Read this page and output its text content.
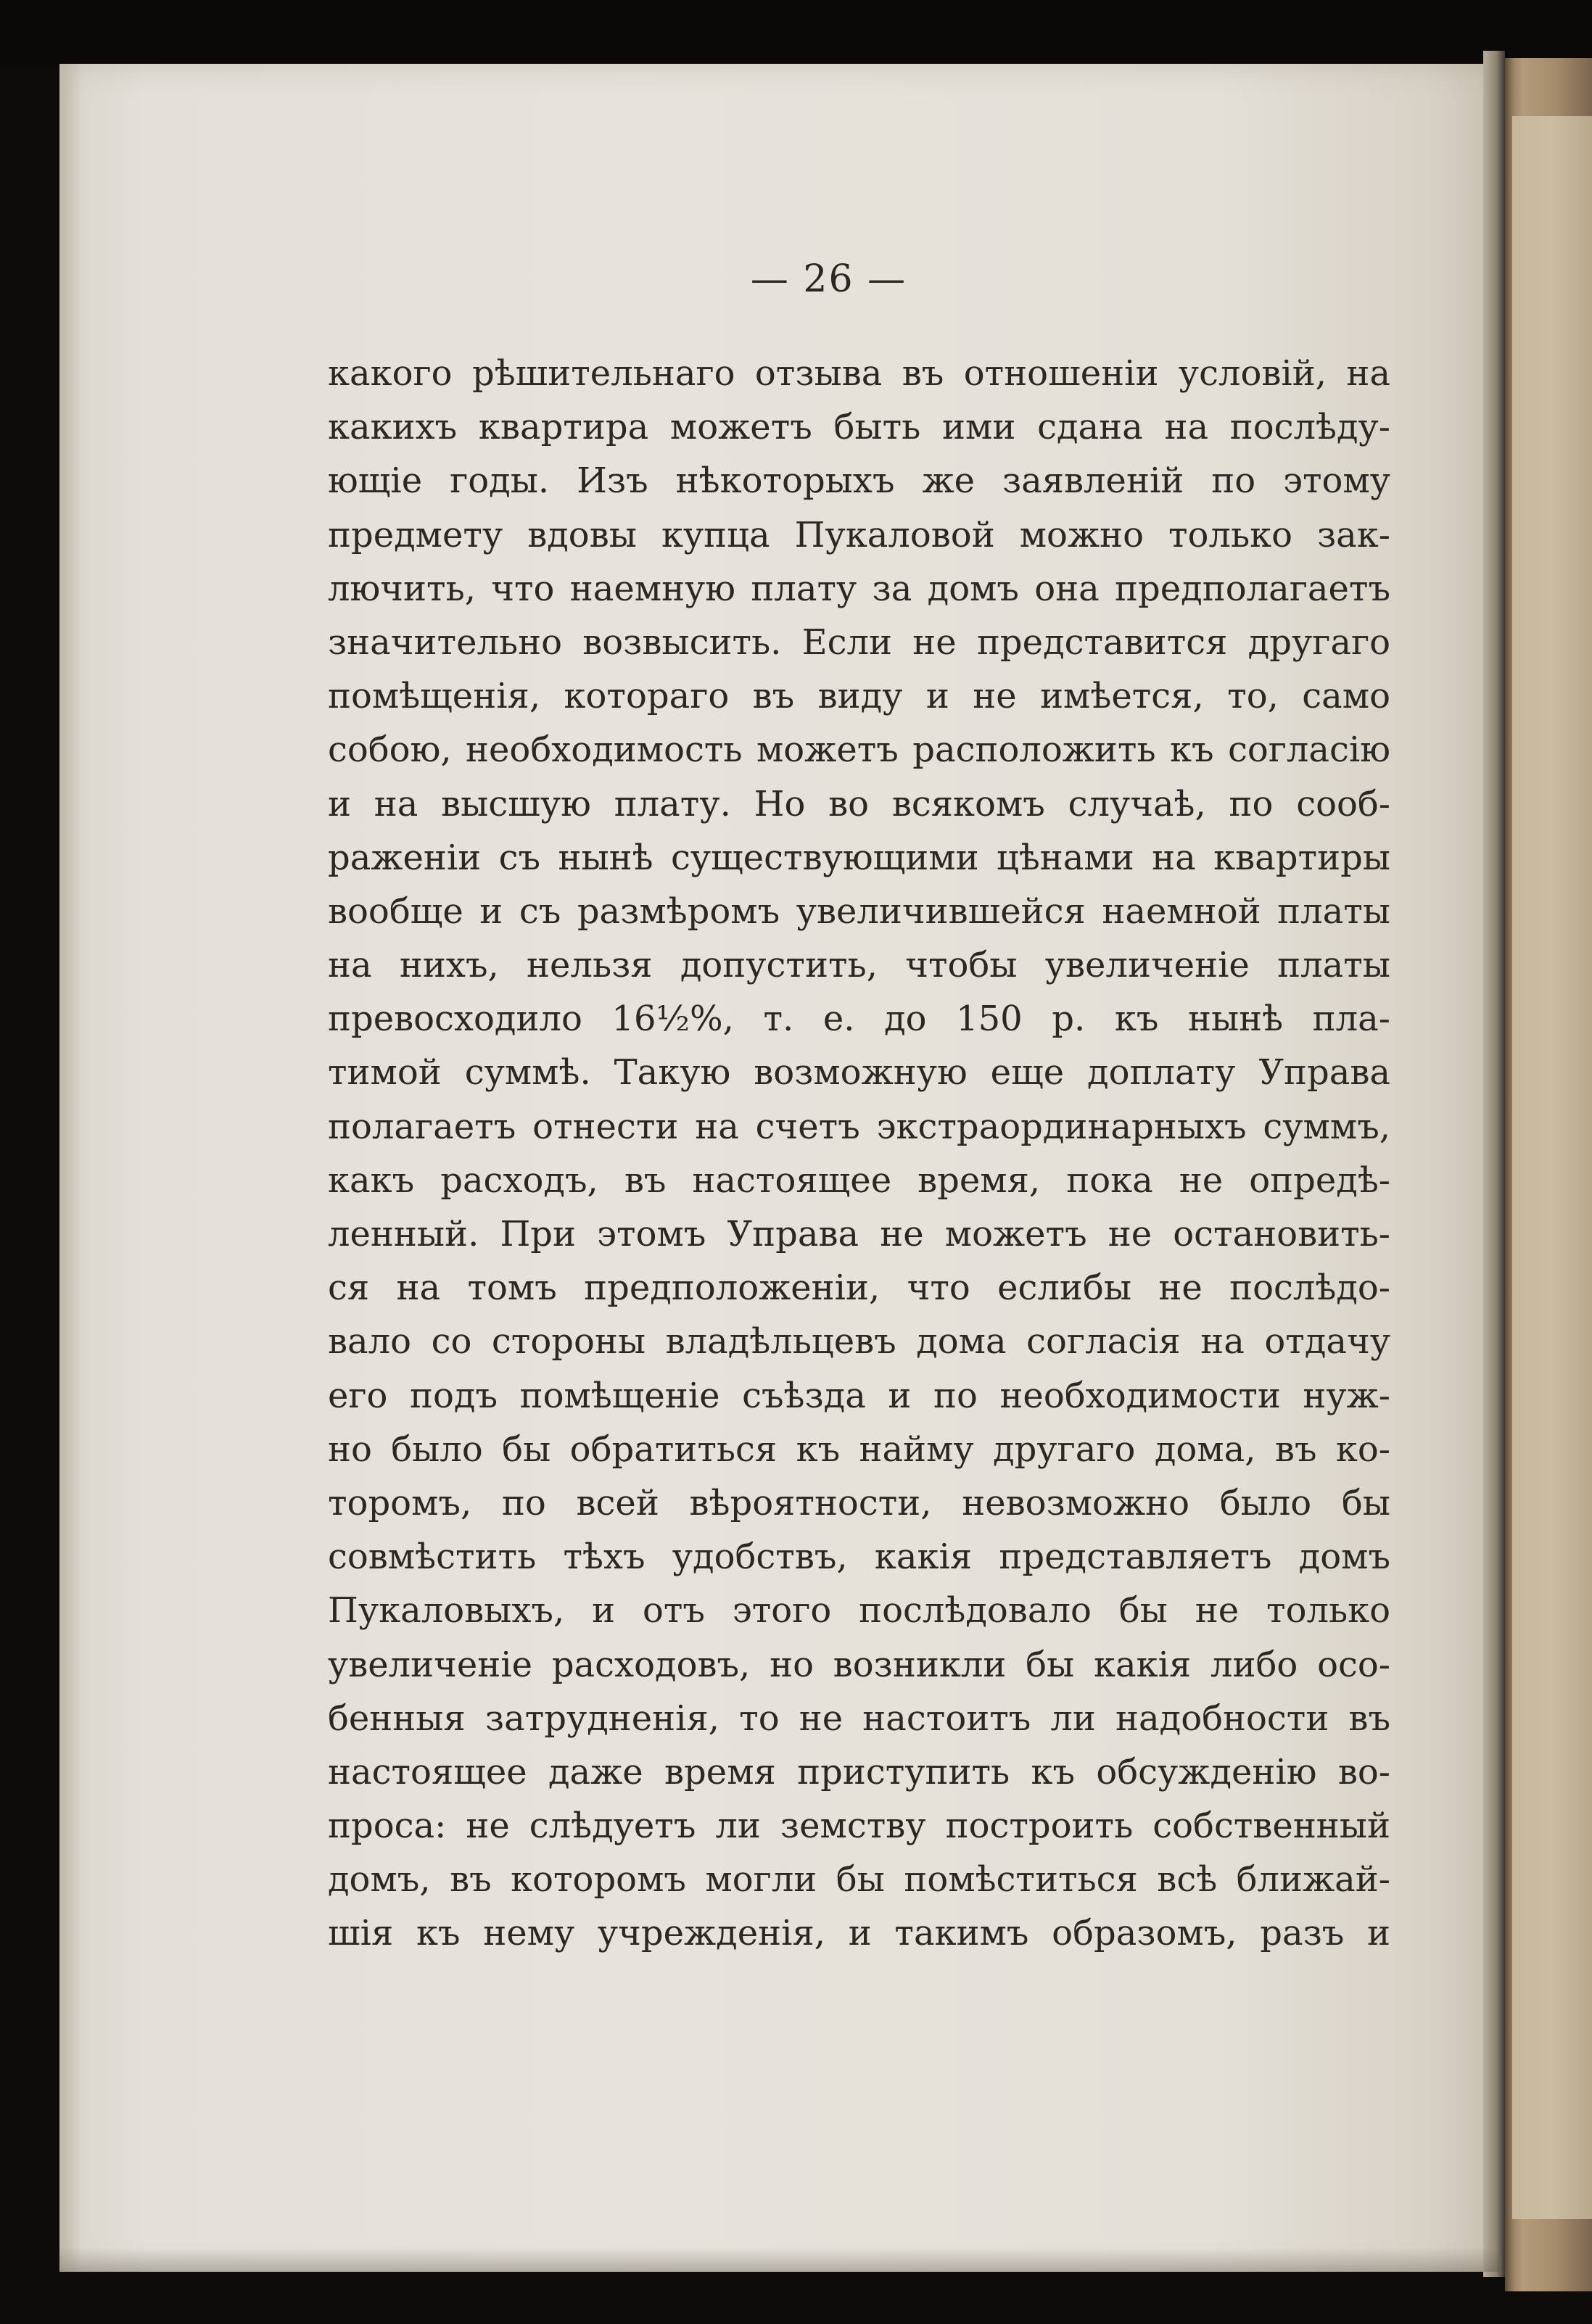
— 26 —
какого рѣшительнаго отзыва въ отношеніи условій, на
какихъ квартира можетъ быть ими сдана на послѣду-
ющіе годы. Изъ нѣкоторыхъ же заявленій по этому
предмету вдовы купца Пукаловой можно только зак-
лючить, что наемную плату за домъ она предполагаетъ
значительно возвысить. Если не представится другаго
помѣщенія, котораго въ виду и не имѣется, то, само
собою, необходимость можетъ расположить къ согласію
и на высшую плату. Но во всякомъ случаѣ, по сооб-
раженіи съ нынѣ существующими цѣнами на квартиры
вообще и съ размѣромъ увеличившейся наемной платы
на нихъ, нельзя допустить, чтобы увеличеніе платы
превосходило 16½%, т. е. до 150 р. къ нынѣ пла-
тимой суммѣ. Такую возможную еще доплату Управа
полагаетъ отнести на счетъ экстраординарныхъ суммъ,
какъ расходъ, въ настоящее время, пока не опредѣ-
ленный. При этомъ Управа не можетъ не остановить-
ся на томъ предположеніи, что еслибы не послѣдо-
вало со стороны владѣльцевъ дома согласія на отдачу
его подъ помѣщеніе съѣзда и по необходимости нуж-
но было бы обратиться къ найму другаго дома, въ ко-
торомъ, по всей вѣроятности, невозможно было бы
совмѣстить тѣхъ удобствъ, какія представляетъ домъ
Пукаловыхъ, и отъ этого послѣдовало бы не только
увеличеніе расходовъ, но возникли бы какія либо осо-
бенныя затрудненія, то не настоитъ ли надобности въ
настоящее даже время приступить къ обсужденію во-
проса: не слѣдуетъ ли земству построить собственный
домъ, въ которомъ могли бы помѣститься всѣ ближай-
шія къ нему учрежденія, и такимъ образомъ, разъ и
